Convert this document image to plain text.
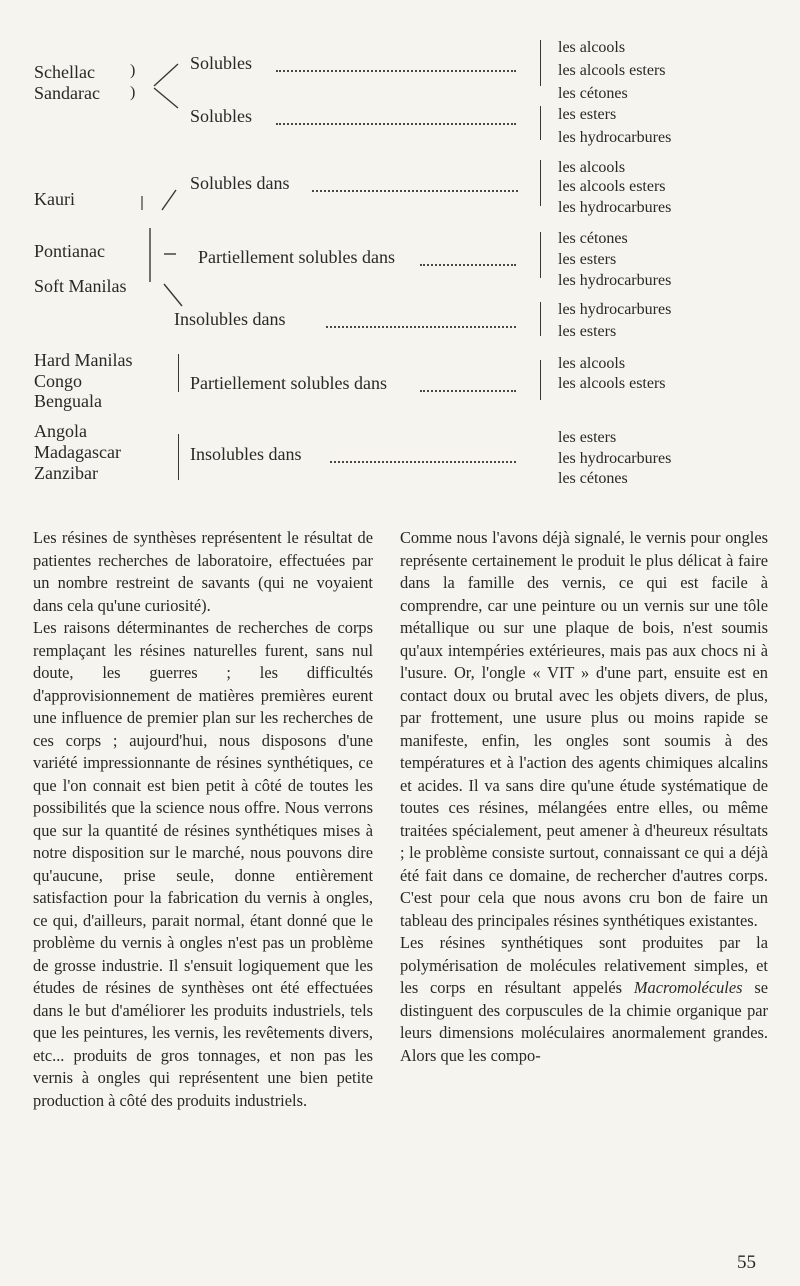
Schellac
Sandarac
)
)
Solubles
les alcools
les alcools esters
les cétones
Solubles	les esters
les hydrocarbures
Kauri
Solubles dans
les alcools
les alcools esters
les hydrocarbures
Pontianac
Soft Manilas
Partiellement solubles dans
les cétones
les esters
les hydrocarbures
Insolubles dans	les hydrocarbures
les esters
Hard Manilas
Congo
Benguala
Partiellement solubles dans
les alcools
les alcools esters
Angola
Madagascar
Zanzibar
Insolubles dans
les esters
les hydrocarbures
les cétones

Les résines de synthèses représentent le résultat de patientes recherches de laboratoire, effectuées par un nombre restreint de savants (qui ne voyaient dans cela qu'une curiosité).

Les raisons déterminantes de recherches de corps remplaçant les résines naturelles furent, sans nul doute, les guerres ; les difficultés d'approvisionnement de matières premières eurent une influence de premier plan sur les recherches de ces corps ; aujourd'hui, nous disposons d'une variété impressionnante de résines synthétiques, ce que l'on connait est bien petit à côté de toutes les possibilités que la science nous offre. Nous verrons que sur la quantité de résines synthétiques mises à notre disposition sur le marché, nous pouvons dire qu'aucune, prise seule, donne entièrement satisfaction pour la fabrication du vernis à ongles, ce qui, d'ailleurs, parait normal, étant donné que le problème du vernis à ongles n'est pas un problème de grosse industrie. Il s'ensuit logiquement que les études de résines de synthèses ont été effectuées dans le but d'améliorer les produits industriels, tels que les peintures, les vernis, les revêtements divers, etc... produits de gros tonnages, et non pas les vernis à ongles qui représentent une bien petite production à côté des produits industriels.

Comme nous l'avons déjà signalé, le vernis pour ongles représente certainement le produit le plus délicat à faire dans la famille des vernis, ce qui est facile à comprendre, car une peinture ou un vernis sur une tôle métallique ou sur une plaque de bois, n'est soumis qu'aux intempéries extérieures, mais pas aux chocs ni à l'usure. Or, l'ongle « VIT » d'une part, ensuite est en contact doux ou brutal avec les objets divers, de plus, par frottement, une usure plus ou moins rapide se manifeste, enfin, les ongles sont soumis à des températures et à l'action des agents chimiques alcalins et acides. Il va sans dire qu'une étude systématique de toutes ces résines, mélangées entre elles, ou même traitées spécialement, peut amener à d'heureux résultats ; le problème consiste surtout, connaissant ce qui a déjà été fait dans ce domaine, de rechercher d'autres corps. C'est pour cela que nous avons cru bon de faire un tableau des principales résines synthétiques existantes.

Les résines synthétiques sont produites par la polymérisation de molécules relativement simples, et les corps en résultant appelés Macromolécules se distinguent des corpuscules de la chimie organique par leurs dimensions moléculaires anormalement grandes. Alors que les compo-

55
